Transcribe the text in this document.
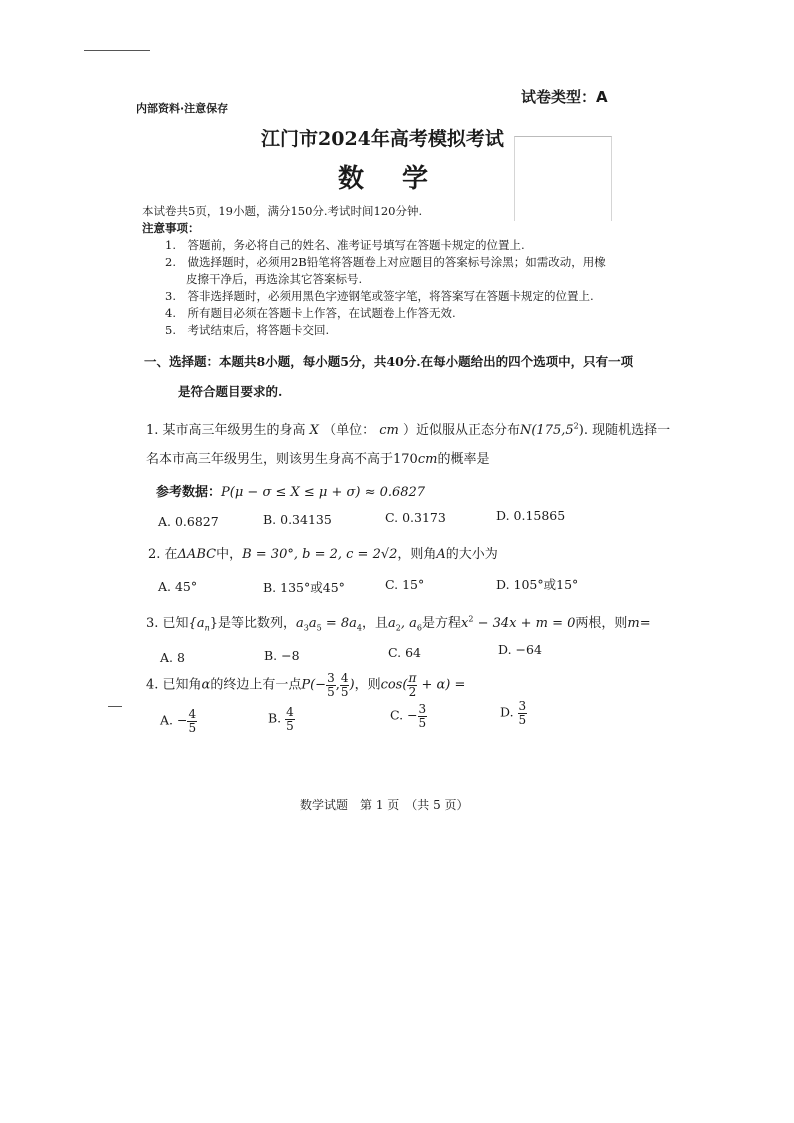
内部资料·注意保存
试卷类型：A
江门市2024年高考模拟考试
数　学
本试卷共5页，19小题，满分150分.考试时间120分钟.
注意事项：
1.　答题前，务必将自己的姓名、准考证号填写在答题卡规定的位置上.
2.　做选择题时，必须用2B铅笔将答题卷上对应题目的答案标号涂黑；如需改动，用橡
皮擦干净后，再选涂其它答案标号.
3.　答非选择题时，必须用黑色字迹钢笔或签字笔，将答案写在答题卡规定的位置上.
4.　所有题目必须在答题卡上作答，在试题卷上作答无效.
5.　考试结束后，将答题卡交回.
一、选择题：本题共8小题，每小题5分，共40分.在每小题给出的四个选项中，只有一项
是符合题目要求的.
1. 某市高三年级男生的身高 X （单位： cm ）近似服从正态分布N(175,5$^2$). 现随机选择一
名本市高三年级男生，则该男生身高不高于170cm的概率是
参考数据：P(μ − σ ≤ X ≤ μ + σ) ≈ 0.6827
A. 0.6827	B. 0.34135	C. 0.3173	D. 0.15865
2. 在ΔABC中，B = 30°, b = 2, c = 2√2，则角A的大小为
A. 45°	B. 135°或45°	C. 15°	D. 105°或15°
3. 已知$\{a_n\}$是等比数列，$a_3a_5 = 8a_4$，且$a_2$, $a_6$是方程$x^2 - 34x + m = 0$两根，则m=
A. 8	B. −8	C. 64	D. −64
4. 已知角α的终边上有一点$P(- \frac{3}{5}$ , $\frac{4}{5}$ )，则$\cos( \frac{\pi}{2} + \alpha)$ =
A. − $\frac{4}{5}$	B. $\frac{4}{5}$	C. − $\frac{3}{5}$	D. $\frac{3}{5}$
数学试题　第 1 页　（共 5 页）
